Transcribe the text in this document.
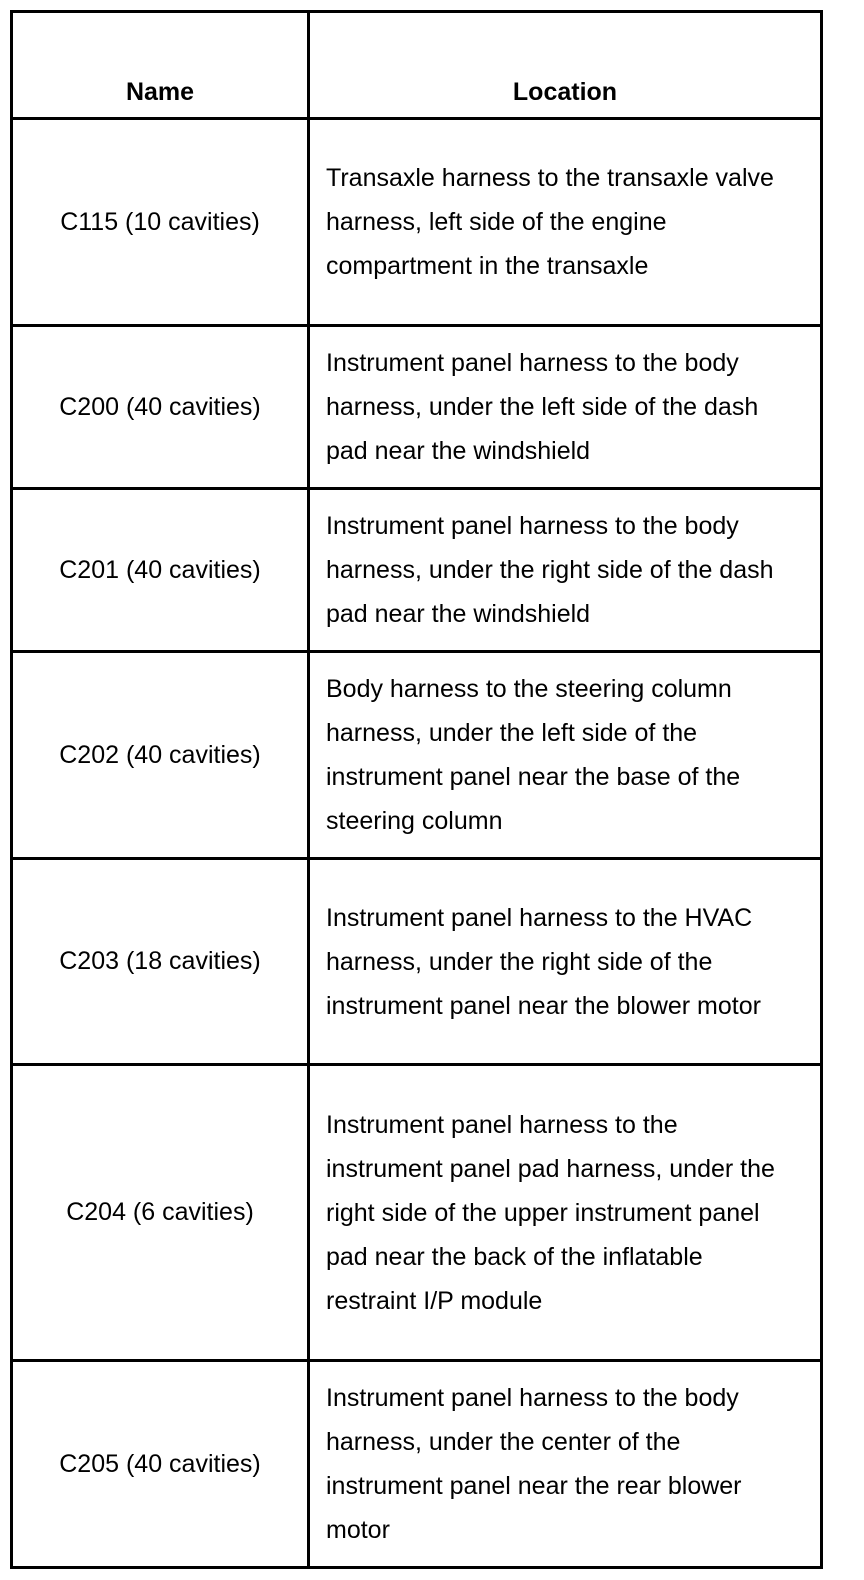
Name	Location
C115 (10 cavities)	Transaxle harness to the transaxle valve harness, left side of the engine compartment in the transaxle

C200 (40 cavities)	Instrument panel harness to the body harness, under the left side of the dash pad near the windshield

C201 (40 cavities)	Instrument panel harness to the body harness, under the right side of the dash pad near the windshield

C202 (40 cavities)	Body harness to the steering column harness, under the left side of the instrument panel near the base of the steering column

C203 (18 cavities)	Instrument panel harness to the HVAC harness, under the right side of the instrument panel near the blower motor

C204 (6 cavities)	Instrument panel harness to the instrument panel pad harness, under the right side of the upper instrument panel pad near the back of the inflatable restraint I/P module

C205 (40 cavities)	Instrument panel harness to the body harness, under the center of the instrument panel near the rear blower motor
